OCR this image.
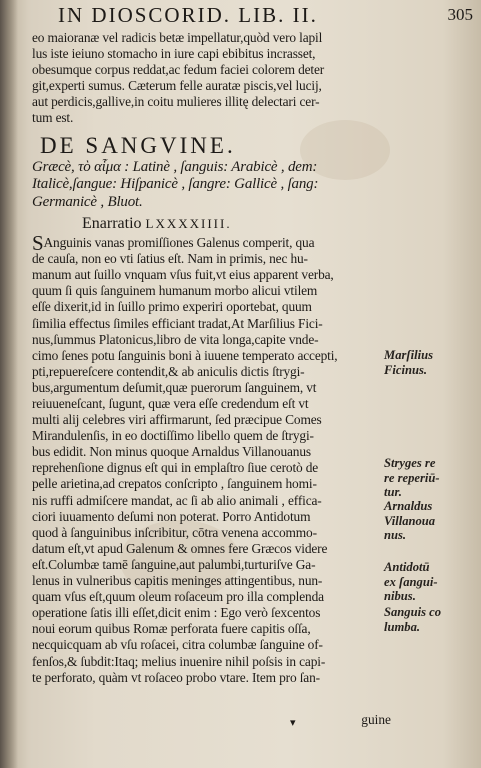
IN DIOSCORID. LIB. II.	305
eo maioranæ vel radicis betæ impellatur,quòd vero lapil
lus iste ieiuno stomacho in iure capi ebibitus incrasset,
obesumque corpus reddat,ac fedum faciei colorem deter
git,experti sumus. Cæterum felle auratæ piscis,vel lucij,
aut perdicis,gallive,in coitu mulieres illitę delectari cer-
tum est.
DE SANGVINE.
Græcè, τὸ αἷμα : Latinè , ſanguis: Arabicè , dem:
Italicè,ſangue: Hiſpanicè , ſangre: Gallicè , ſang:
Germanicè , Bluot.
Enarratio LXXXXIIII.
SAnguinis vanas promiſſiones Galenus comperit, qua
de cauſa, non eo vti ſatius eſt. Nam in primis, nec hu-
manum aut ſuillo vnquam vſus fuit,vt eius apparent verba,
quum ſi quis ſanguinem humanum morbo alicui vtilem
eſſe dixerit,id in ſuillo primo experiri oportebat, quum
ſimilia effectus ſimiles efficiant tradat,At Marſilius Fici-
nus,ſummus Platonicus,libro de vita longa,capite vnde-
cimo ſenes potu ſanguinis boni à iuuene temperato accepti,
pti,repuereſcere contendit,& ab aniculis dictis ſtrygi-
bus,argumentum deſumit,quæ puerorum ſanguinem, vt
reiuueneſcant, ſugunt, quæ vera eſſe credendum eſt vt
multi alij celebres viri affirmarunt, ſed præcipue Comes
Mirandulenſis, in eo doctiſſimo libello quem de ſtrygi-
bus edidit. Non minus quoque Arnaldus Villanouanus
reprehenſione dignus eſt qui in emplaſtro ſiue cerotò de
pelle arietina,ad crepatos conſcripto , ſanguinem homi-
nis ruffi admiſcere mandat, ac ſi ab alio animali , effica-
ciori iuuamento deſumi non poterat. Porro Antidotum
quod à ſanguinibus inſcribitur, cōtra venena accommo-
datum eſt,vt apud Galenum & omnes fere Græcos videre
eſt.Columbæ tamē ſanguine,aut palumbi,turturiſve Ga-
lenus in vulneribus capitis meninges attingentibus, nun-
quam vſus eſt,quum oleum roſaceum pro illa complenda
operatione ſatis illi eſſet,dicit enim : Ego verò ſexcentos
noui eorum quibus Romæ perforata fuere capitis oſſa,
necquicquam ab vſu roſacei, citra columbæ ſanguine of-
fenſos,& ſubdit:Itaq; melius inuenire nihil poſsis in capi-
te perforato, quàm vt roſaceo probo vtare. Item pro ſan-
Marſilius
Ficinus.
Stryges re
re reperiū-
tur.
Arnaldus
Villanoua
nus.
Antidotū
ex ſangui-
nibus.
Sanguis co
lumba.
▾	guine
